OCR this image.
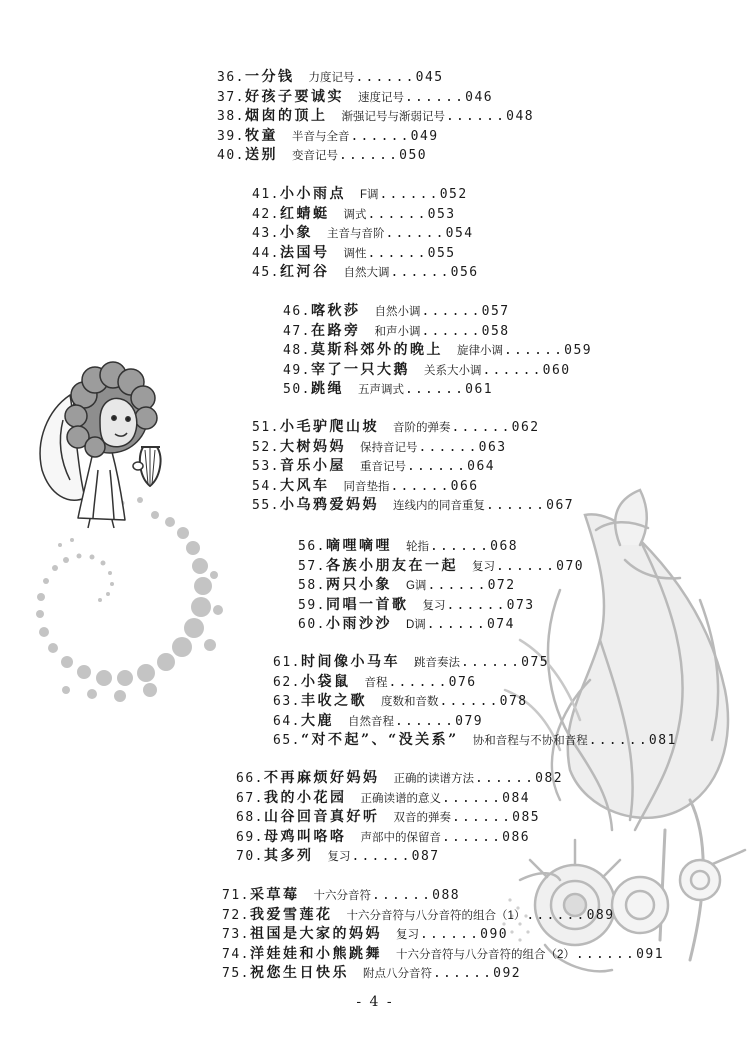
36. 一分钱 力度记号 ...... 045
37. 好孩子要诚实 速度记号 ...... 046
38. 烟囱的顶上 渐强记号与渐弱记号 ...... 048
39. 牧童 半音与全音 ...... 049
40. 送别 变音记号 ...... 050
41. 小小雨点 F调 ...... 052
42. 红蜻蜓 调式 ...... 053
43. 小象 主音与音阶 ...... 054
44. 法国号 调性 ...... 055
45. 红河谷 自然大调 ...... 056
46. 喀秋莎 自然小调 ...... 057
47. 在路旁 和声小调 ...... 058
48. 莫斯科郊外的晚上 旋律小调 ...... 059
49. 宰了一只大鹅 关系大小调 ...... 060
50. 跳绳 五声调式 ...... 061
51. 小毛驴爬山坡 音阶的弹奏 ...... 062
52. 大树妈妈 保持音记号 ...... 063
53. 音乐小屋 重音记号 ...... 064
54. 大风车 同音垫指 ...... 066
55. 小乌鸦爱妈妈 连线内的同音重复 ...... 067
56. 嘀哩嘀哩 轮指 ...... 068
57. 各族小朋友在一起 复习 ...... 070
58. 两只小象 G调 ...... 072
59. 同唱一首歌 复习 ...... 073
60. 小雨沙沙 D调 ...... 074
61. 时间像小马车 跳音奏法 ...... 075
62. 小袋鼠 音程 ...... 076
63. 丰收之歌 度数和音数 ...... 078
64. 大鹿 自然音程 ...... 079
65. “对不起”、“没关系” 协和音程与不协和音程 ...... 081
66. 不再麻烦好妈妈 正确的读谱方法 ...... 082
67. 我的小花园 正确读谱的意义 ...... 084
68. 山谷回音真好听 双音的弹奏 ...... 085
69. 母鸡叫咯咯 声部中的保留音 ...... 086
70. 其多列 复习 ...... 087
71. 采草莓 十六分音符 ...... 088
72. 我爱雪莲花 十六分音符与八分音符的组合（1） ...... 089
73. 祖国是大家的妈妈 复习 ...... 090
74. 洋娃娃和小熊跳舞 十六分音符与八分音符的组合（2） ...... 091
75. 祝您生日快乐 附点八分音符 ...... 092
- 4 -
